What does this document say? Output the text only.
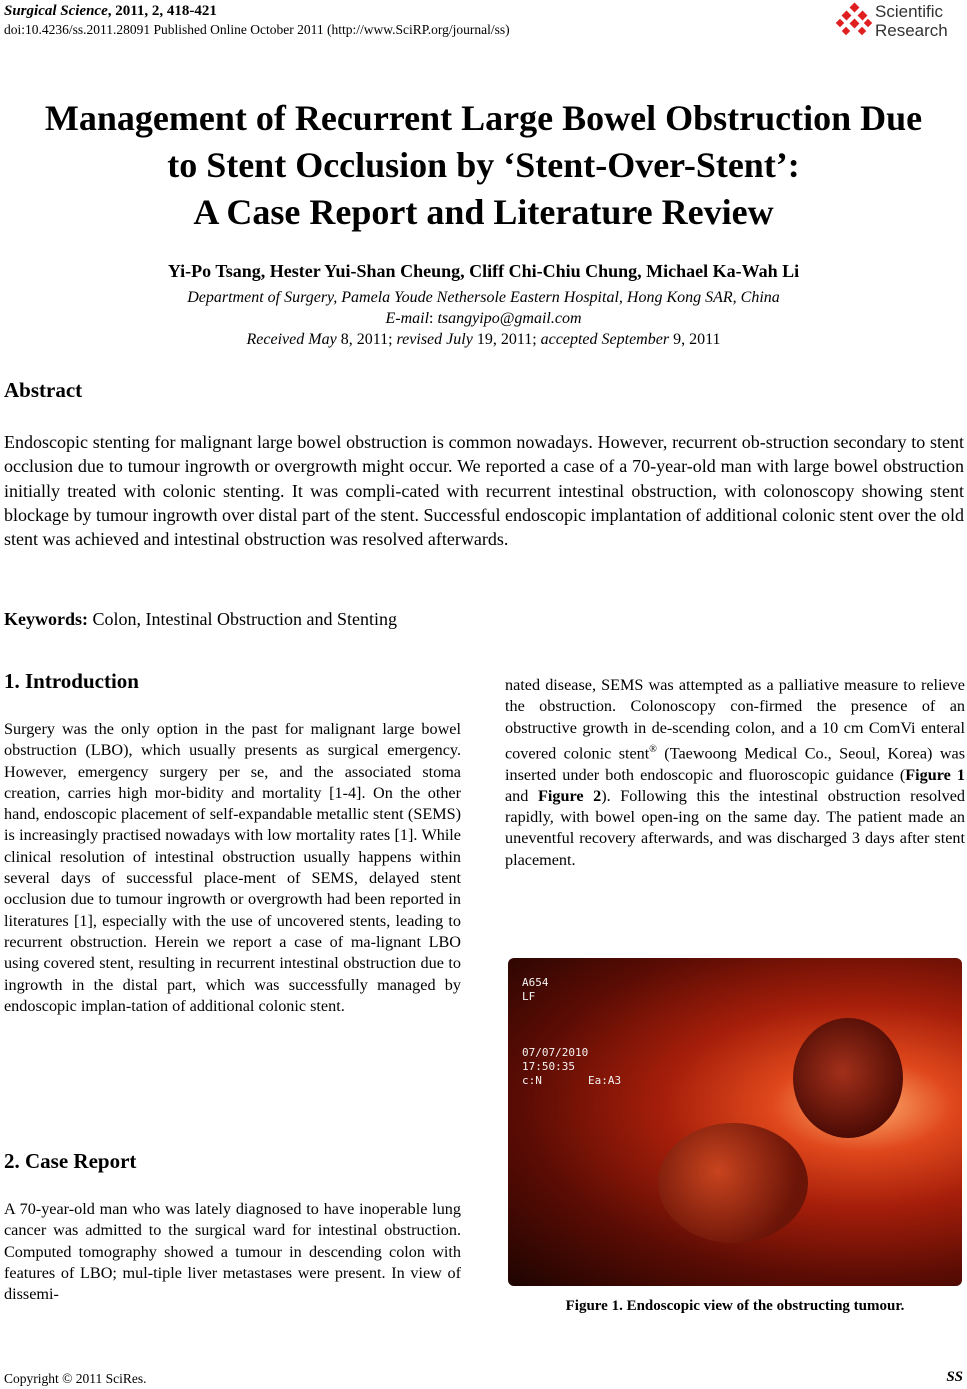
Surgical Science, 2011, 2, 418-421
doi:10.4236/ss.2011.28091 Published Online October 2011 (http://www.SciRP.org/journal/ss)
Scientific
Research
Management of Recurrent Large Bowel Obstruction Due
to Stent Occlusion by ‘Stent-Over-Stent’:
A Case Report and Literature Review
Yi-Po Tsang, Hester Yui-Shan Cheung, Cliff Chi-Chiu Chung, Michael Ka-Wah Li
Department of Surgery, Pamela Youde Nethersole Eastern Hospital, Hong Kong SAR, China
E-mail: tsangyipo@gmail.com
Received May 8, 2011; revised July 19, 2011; accepted September 9, 2011
Abstract

Endoscopic stenting for malignant large bowel obstruction is common nowadays. However, recurrent ob-struction secondary to stent occlusion due to tumour ingrowth or overgrowth might occur. We reported a case of a 70-year-old man with large bowel obstruction initially treated with colonic stenting. It was compli-cated with recurrent intestinal obstruction, with colonoscopy showing stent blockage by tumour ingrowth over distal part of the stent. Successful endoscopic implantation of additional colonic stent over the old stent was achieved and intestinal obstruction was resolved afterwards.

Keywords: Colon, Intestinal Obstruction and Stenting
1. Introduction

Surgery was the only option in the past for malignant large bowel obstruction (LBO), which usually presents as surgical emergency. However, emergency surgery per se, and the associated stoma creation, carries high mor-bidity and mortality [1-4]. On the other hand, endoscopic placement of self-expandable metallic stent (SEMS) is increasingly practised nowadays with low mortality rates [1]. While clinical resolution of intestinal obstruction usually happens within several days of successful place-ment of SEMS, delayed stent occlusion due to tumour ingrowth or overgrowth had been reported in literatures [1], especially with the use of uncovered stents, leading to recurrent obstruction. Herein we report a case of ma-lignant LBO using covered stent, resulting in recurrent intestinal obstruction due to ingrowth in the distal part, which was successfully managed by endoscopic implan-tation of additional colonic stent.

2. Case Report

A 70-year-old man who was lately diagnosed to have inoperable lung cancer was admitted to the surgical ward for intestinal obstruction. Computed tomography showed a tumour in descending colon with features of LBO; mul-tiple liver metastases were present. In view of dissemi-

nated disease, SEMS was attempted as a palliative measure to relieve the obstruction. Colonoscopy con-firmed the presence of an obstructive growth in de-scending colon, and a 10 cm ComVi enteral covered colonic stent® (Taewoong Medical Co., Seoul, Korea) was inserted under both endoscopic and fluoroscopic guidance (Figure 1 and Figure 2). Following this the intestinal obstruction resolved rapidly, with bowel open-ing on the same day. The patient made an uneventful recovery afterwards, and was discharged 3 days after stent placement.

A654
LF
07/07/2010
17:50:35
c:N	Ea:A3
Figure 1. Endoscopic view of the obstructing tumour.
Copyright © 2011 SciRes.	SS
